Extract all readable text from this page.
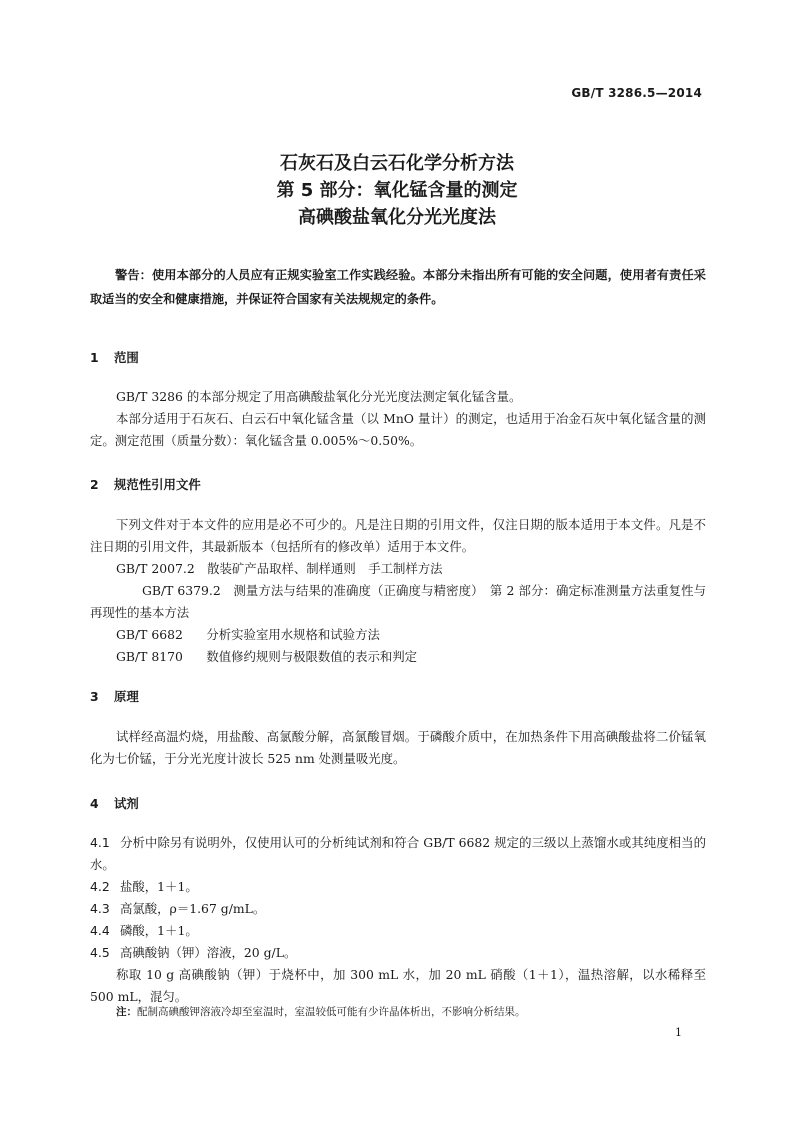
GB/T 3286.5—2014
石灰石及白云石化学分析方法
第 5 部分：氧化锰含量的测定
高碘酸盐氧化分光光度法
警告：使用本部分的人员应有正规实验室工作实践经验。本部分未指出所有可能的安全问题，使用者有责任采取适当的安全和健康措施，并保证符合国家有关法规规定的条件。
1 范围

GB/T 3286 的本部分规定了用高碘酸盐氧化分光光度法测定氧化锰含量。

本部分适用于石灰石、白云石中氧化锰含量（以 MnO 量计）的测定，也适用于冶金石灰中氧化锰含量的测定。测定范围（质量分数）：氧化锰含量 0.005%～0.50%。

2 规范性引用文件

下列文件对于本文件的应用是必不可少的。凡是注日期的引用文件，仅注日期的版本适用于本文件。凡是不注日期的引用文件，其最新版本（包括所有的修改单）适用于本文件。

GB/T 2007.2　 散装矿产品取样、制样通则　手工制样方法
GB/T 6379.2　 测量方法与结果的准确度（正确度与精密度）　第 2 部分：确定标准测量方法重复性与再现性的基本方法
GB/T 6682　 分析实验室用水规格和试验方法
GB/T 8170　 数值修约规则与极限数值的表示和判定
3 原理

试样经高温灼烧，用盐酸、高氯酸分解，高氯酸冒烟。于磷酸介质中，在加热条件下用高碘酸盐将二价锰氧化为七价锰，于分光光度计波长 525 nm 处测量吸光度。

4 试剂

4.1 分析中除另有说明外，仅使用认可的分析纯试剂和符合 GB/T 6682 规定的三级以上蒸馏水或其纯度相当的水。

4.2 盐酸，1＋1。

4.3 高氯酸，ρ＝1.67 g/mL。

4.4 磷酸，1＋1。

4.5 高碘酸钠（钾）溶液，20 g/L。

称取 10 g 高碘酸钠（钾）于烧杯中，加 300 mL 水，加 20 mL 硝酸（1＋1），温热溶解，以水稀释至 500 mL，混匀。

注：配制高碘酸钾溶液冷却至室温时，室温较低可能有少许晶体析出，不影响分析结果。
1
